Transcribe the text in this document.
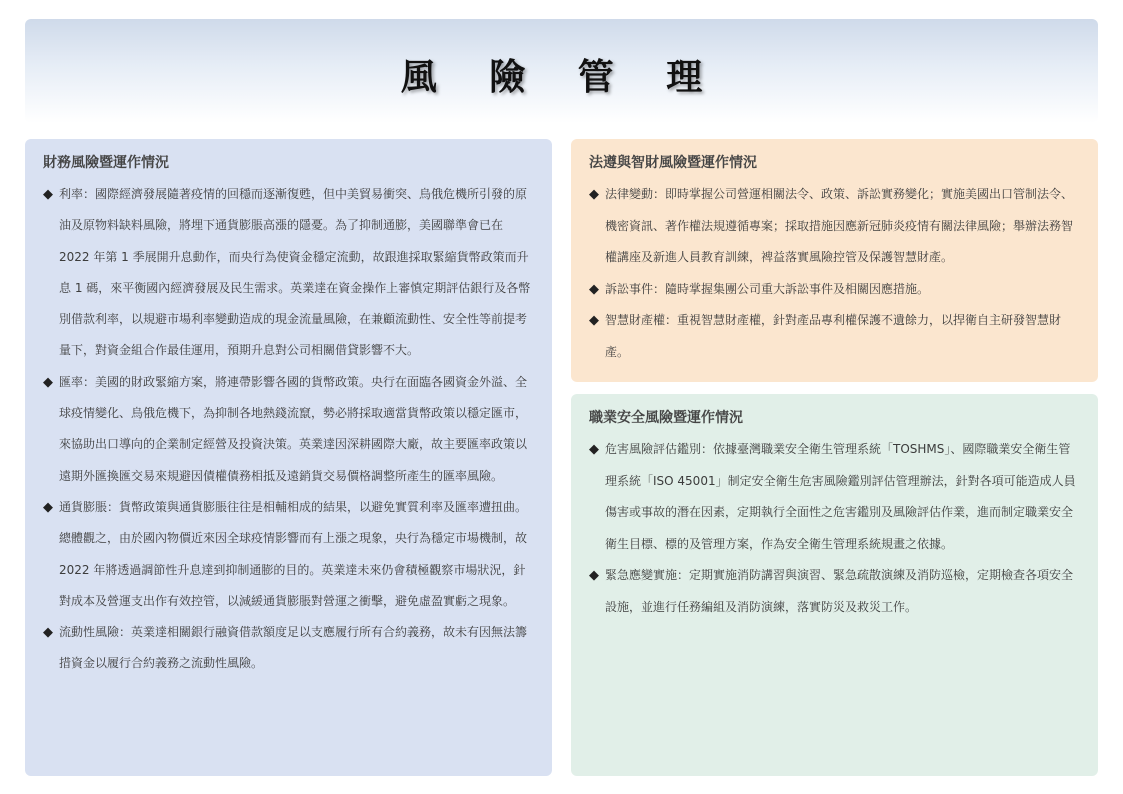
風 險 管 理
財務風險暨運作情況
◆ 利率：國際經濟發展隨著疫情的回穩而逐漸復甦，但中美貿易衝突、烏俄危機所引發的原油及原物料缺料風險，將埋下通貨膨脹高漲的隱憂。為了抑制通膨，美國聯準會已在 2022 年第 1 季展開升息動作，而央行為使資金穩定流動，故跟進採取緊縮貨幣政策而升息 1 碼，來平衡國內經濟發展及民生需求。英業達在資金操作上審慎定期評估銀行及各幣別借款利率，以規避市場利率變動造成的現金流量風險，在兼顧流動性、安全性等前提考量下，對資金組合作最佳運用，預期升息對公司相關借貸影響不大。
◆ 匯率：美國的財政緊縮方案，將連帶影響各國的貨幣政策。央行在面臨各國資金外溢、全球疫情變化、烏俄危機下，為抑制各地熱錢流竄，勢必將採取適當貨幣政策以穩定匯市，來協助出口導向的企業制定經營及投資決策。英業達因深耕國際大廠，故主要匯率政策以遠期外匯換匯交易來規避因債權債務相抵及遠銷貨交易價格調整所產生的匯率風險。
◆ 通貨膨脹：貨幣政策與通貨膨脹往往是相輔相成的結果，以避免實質利率及匯率遭扭曲。總體觀之，由於國內物價近來因全球疫情影響而有上漲之現象，央行為穩定市場機制，故 2022 年將透過調節性升息達到抑制通膨的目的。英業達未來仍會積極觀察市場狀況，針對成本及營運支出作有效控管，以減緩通貨膨脹對營運之衝擊，避免虛盈實虧之現象。
◆ 流動性風險：英業達相關銀行融資借款額度足以支應履行所有合約義務，故未有因無法籌措資金以履行合約義務之流動性風險。
法遵與智財風險暨運作情況
◆ 法律變動：即時掌握公司營運相關法令、政策、訴訟實務變化；實施美國出口管制法令、機密資訊、著作權法規遵循專案；採取措施因應新冠肺炎疫情有關法律風險；舉辦法務智權講座及新進人員教育訓練，裨益落實風險控管及保護智慧財產。
◆ 訴訟事件：隨時掌握集團公司重大訴訟事件及相關因應措施。
◆ 智慧財產權：重視智慧財產權，針對產品專利權保護不遺餘力，以捍衛自主研發智慧財產。
職業安全風險暨運作情況
◆ 危害風險評估鑑別：依據臺灣職業安全衛生管理系統「TOSHMS」、國際職業安全衛生管理系統「ISO 45001」制定安全衛生危害風險鑑別評估管理辦法，針對各項可能造成人員傷害或事故的潛在因素，定期執行全面性之危害鑑別及風險評估作業，進而制定職業安全衛生目標、標的及管理方案，作為安全衛生管理系統規畫之依據。
◆ 緊急應變實施：定期實施消防講習與演習、緊急疏散演練及消防巡檢，定期檢查各項安全設施，並進行任務編組及消防演練，落實防災及救災工作。
